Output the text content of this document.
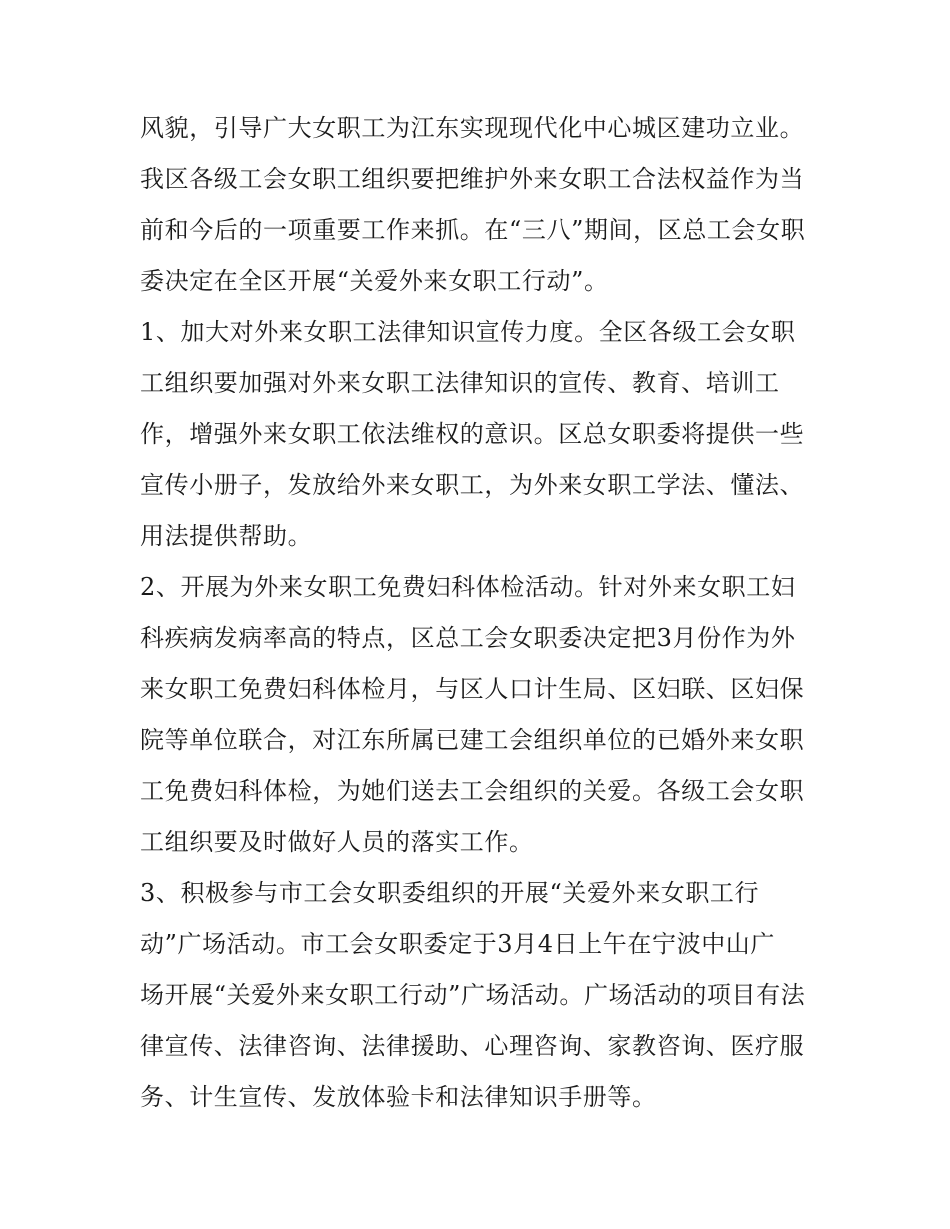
风貌，引导广大女职工为江东实现现代化中心城区建功立业。
我区各级工会女职工组织要把维护外来女职工合法权益作为当
前和今后的一项重要工作来抓。在“三八”期间，区总工会女职
委决定在全区开展“关爱外来女职工行动”。
1、加大对外来女职工法律知识宣传力度。全区各级工会女职
工组织要加强对外来女职工法律知识的宣传、教育、培训工
作，增强外来女职工依法维权的意识。区总女职委将提供一些
宣传小册子，发放给外来女职工，为外来女职工学法、懂法、
用法提供帮助。
2、开展为外来女职工免费妇科体检活动。针对外来女职工妇
科疾病发病率高的特点，区总工会女职委决定把3月份作为外
来女职工免费妇科体检月，与区人口计生局、区妇联、区妇保
院等单位联合，对江东所属已建工会组织单位的已婚外来女职
工免费妇科体检，为她们送去工会组织的关爱。各级工会女职
工组织要及时做好人员的落实工作。
3、积极参与市工会女职委组织的开展“关爱外来女职工行
动”广场活动。市工会女职委定于3月4日上午在宁波中山广
场开展“关爱外来女职工行动”广场活动。广场活动的项目有法
律宣传、法律咨询、法律援助、心理咨询、家教咨询、医疗服
务、计生宣传、发放体验卡和法律知识手册等。
